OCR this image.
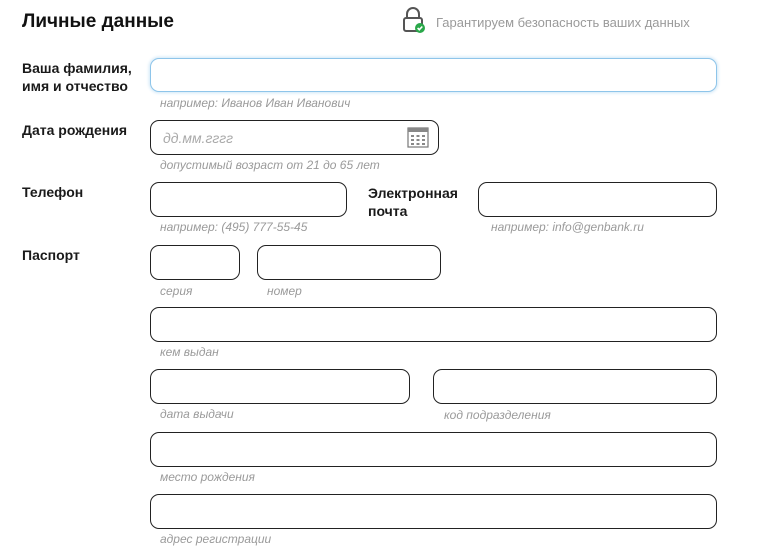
Личные данные	Гарантируем безопасность ваших данных
Ваша фамилия,
имя и отчество
например: Иванов Иван Иванович
Дата рождения
дд.мм.гггг
допустимый возраст от 21 до 65 лет
Телефон
например: (495) 777-55-45
Электронная
почта
например: info@genbank.ru
Паспорт
серия	номер
кем выдан
дата выдачи	код подразделения
место рождения
адрес регистрации
